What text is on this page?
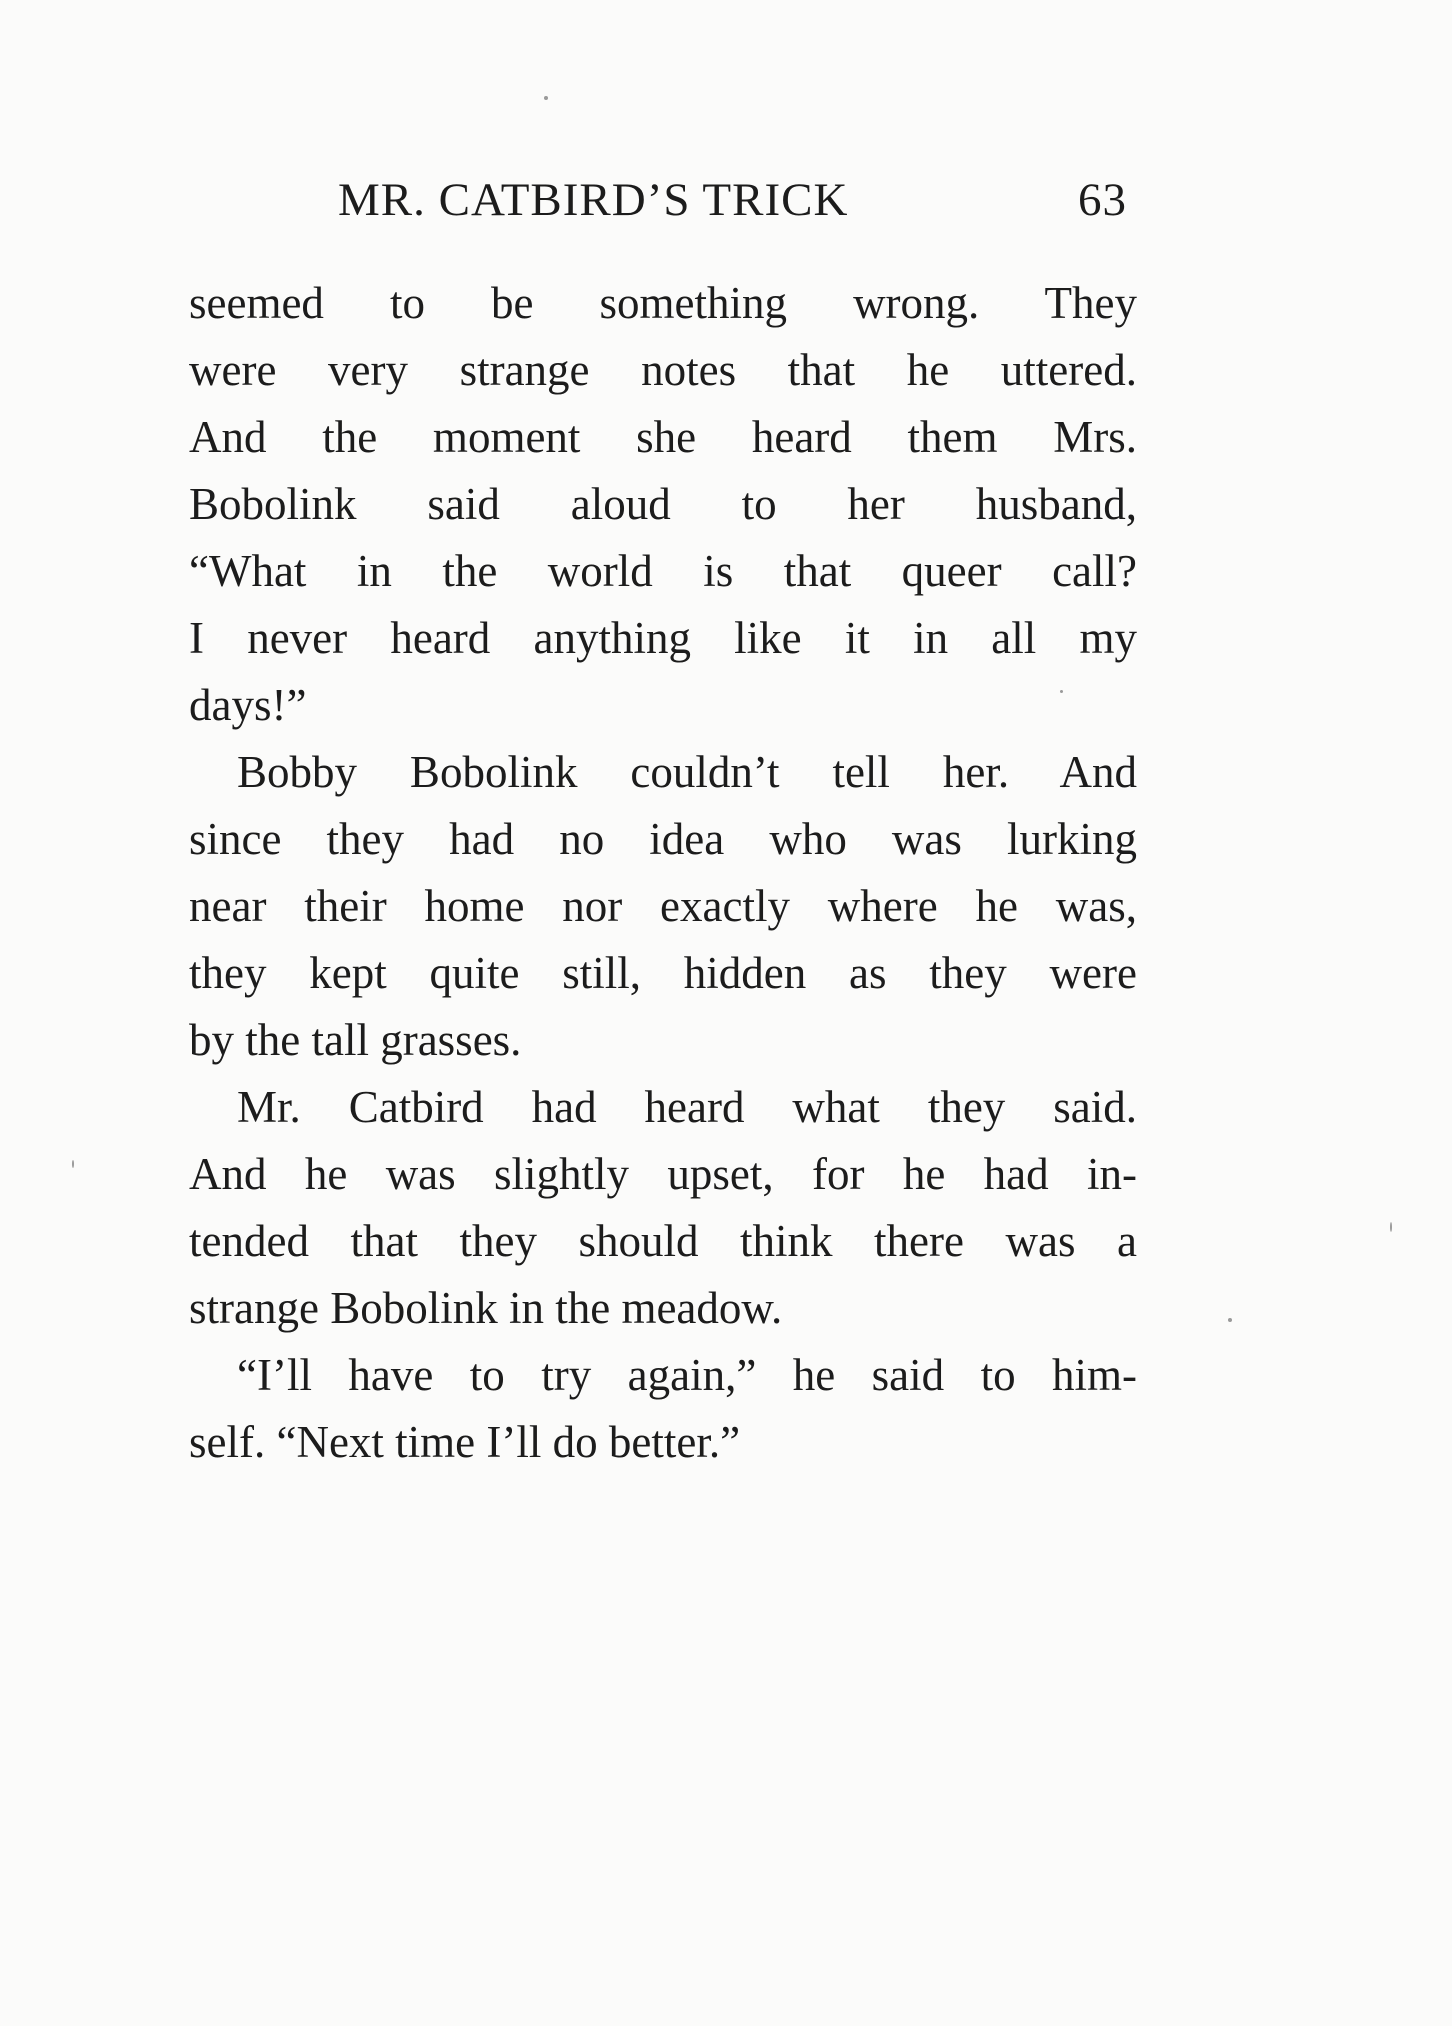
MR. CATBIRD’S TRICK	63
seemed to be something wrong. They
were very strange notes that he uttered.
And the moment she heard them Mrs.
Bobolink said aloud to her husband,
“What in the world is that queer call?
I never heard anything like it in all my
days!”
Bobby Bobolink couldn’t tell her. And
since they had no idea who was lurking
near their home nor exactly where he was,
they kept quite still, hidden as they were
by the tall grasses.
Mr. Catbird had heard what they said.
And he was slightly upset, for he had in-
tended that they should think there was a
strange Bobolink in the meadow.
“I’ll have to try again,” he said to him-
self. “Next time I’ll do better.”
